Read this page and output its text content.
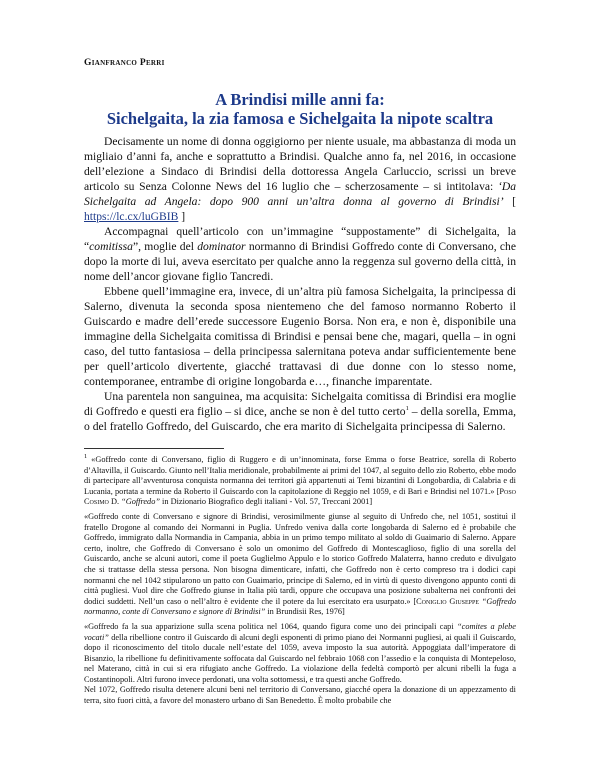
Gianfranco Perri
A Brindisi mille anni fa:
Sichelgaita, la zia famosa e Sichelgaita la nipote scaltra

Decisamente un nome di donna oggigiorno per niente usuale, ma abbastanza di moda un migliaio d’anni fa, anche e soprattutto a Brindisi. Qualche anno fa, nel 2016, in occasione dell’elezione a Sindaco di Brindisi della dottoressa Angela Carluccio, scrissi un breve articolo su Senza Colonne News del 16 luglio che – scherzosamente – si intitolava: ‘Da Sichelgaita ad Angela: dopo 900 anni un’altra donna al governo di Brindisi’ [ https://lc.cx/luGBIB ]

Accompagnai quell’articolo con un’immagine “suppostamente” di Sichelgaita, la “comitissa”, moglie del dominator normanno di Brindisi Goffredo conte di Conversano, che dopo la morte di lui, aveva esercitato per qualche anno la reggenza sul governo della città, in nome dell’ancor giovane figlio Tancredi.

Ebbene quell’immagine era, invece, di un’altra più famosa Sichelgaita, la principessa di Salerno, divenuta la seconda sposa nientemeno che del famoso normanno Roberto il Guiscardo e madre dell’erede successore Eugenio Borsa. Non era, e non è, disponibile una immagine della Sichelgaita comitissa di Brindisi e pensai bene che, magari, quella – in ogni caso, del tutto fantasiosa – della principessa salernitana poteva andar sufficientemente bene per quell’articolo divertente, giacché trattavasi di due donne con lo stesso nome, contemporanee, entrambe di origine longobarda e…, finanche imparentate.

Una parentela non sanguinea, ma acquisita: Sichelgaita comitissa di Brindisi era moglie di Goffredo e questi era figlio – si dice, anche se non è del tutto certo$^1$ – della sorella, Emma, o del fratello Goffredo, del Guiscardo, che era marito di Sichelgaita principessa di Salerno.

$^1$ «Goffredo conte di Conversano, figlio di Ruggero e di un’innominata, forse Emma o forse Beatrice, sorella di Roberto d’Altavilla, il Guiscardo. Giunto nell’Italia meridionale, probabilmente ai primi del 1047, al seguito dello zio Roberto, ebbe modo di partecipare all’avventurosa conquista normanna dei territori già appartenuti ai Temi bizantini di Longobardia, di Calabria e di Lucania, portata a termine da Roberto il Guiscardo con la capitolazione di Reggio nel 1059, e di Bari e Brindisi nel 1071.» [Poso Cosimo D. “Goffredo” in Dizionario Biografico degli italiani - Vol. 57, Treccani 2001]

«Goffredo conte di Conversano e signore di Brindisi, verosimilmente giunse al seguito di Unfredo che, nel 1051, sostituì il fratello Drogone al comando dei Normanni in Puglia. Unfredo veniva dalla corte longobarda di Salerno ed è probabile che Goffredo, immigrato dalla Normandia in Campania, abbia in un primo tempo militato al soldo di Guaimario di Salerno. Appare certo, inoltre, che Goffredo di Conversano è solo un omonimo del Goffredo di Montescaglioso, figlio di una sorella del Guiscardo, anche se alcuni autori, come il poeta Guglielmo Appulo e lo storico Goffredo Malaterra, hanno creduto e divulgato che si trattasse della stessa persona. Non bisogna dimenticare, infatti, che Goffredo non è certo compreso tra i dodici capi normanni che nel 1042 stipularono un patto con Guaimario, principe di Salerno, ed in virtù di questo divengono appunto conti di città pugliesi. Vuol dire che Goffredo giunse in Italia più tardi, oppure che occupava una posizione subalterna nei confronti dei dodici suddetti. Nell’un caso o nell’altro è evidente che il potere da lui esercitato era usurpato.» [Coniglio Giuseppe “Goffredo normanno, conte di Conversano e signore di Brindisi” in Brundisii Res, 1976]

«Goffredo fa la sua apparizione sulla scena politica nel 1064, quando figura come uno dei principali capi “comites a plebe vocati” della ribellione contro il Guiscardo di alcuni degli esponenti di primo piano dei Normanni pugliesi, ai quali il Guiscardo, dopo il riconoscimento del titolo ducale nell’estate del 1059, aveva imposto la sua autorità. Appoggiata dall’imperatore di Bisanzio, la ribellione fu definitivamente soffocata dal Guiscardo nel febbraio 1068 con l’assedio e la conquista di Montepeloso, nel Materano, città in cui si era rifugiato anche Goffredo. La violazione della fedeltà comportò per alcuni ribelli la fuga a Costantinopoli. Altri furono invece perdonati, una volta sottomessi, e tra questi anche Goffredo.

Nel 1072, Goffredo risulta detenere alcuni beni nel territorio di Conversano, giacché opera la donazione di un appezzamento di terra, sito fuori città, a favore del monastero urbano di San Benedetto. È molto probabile che
